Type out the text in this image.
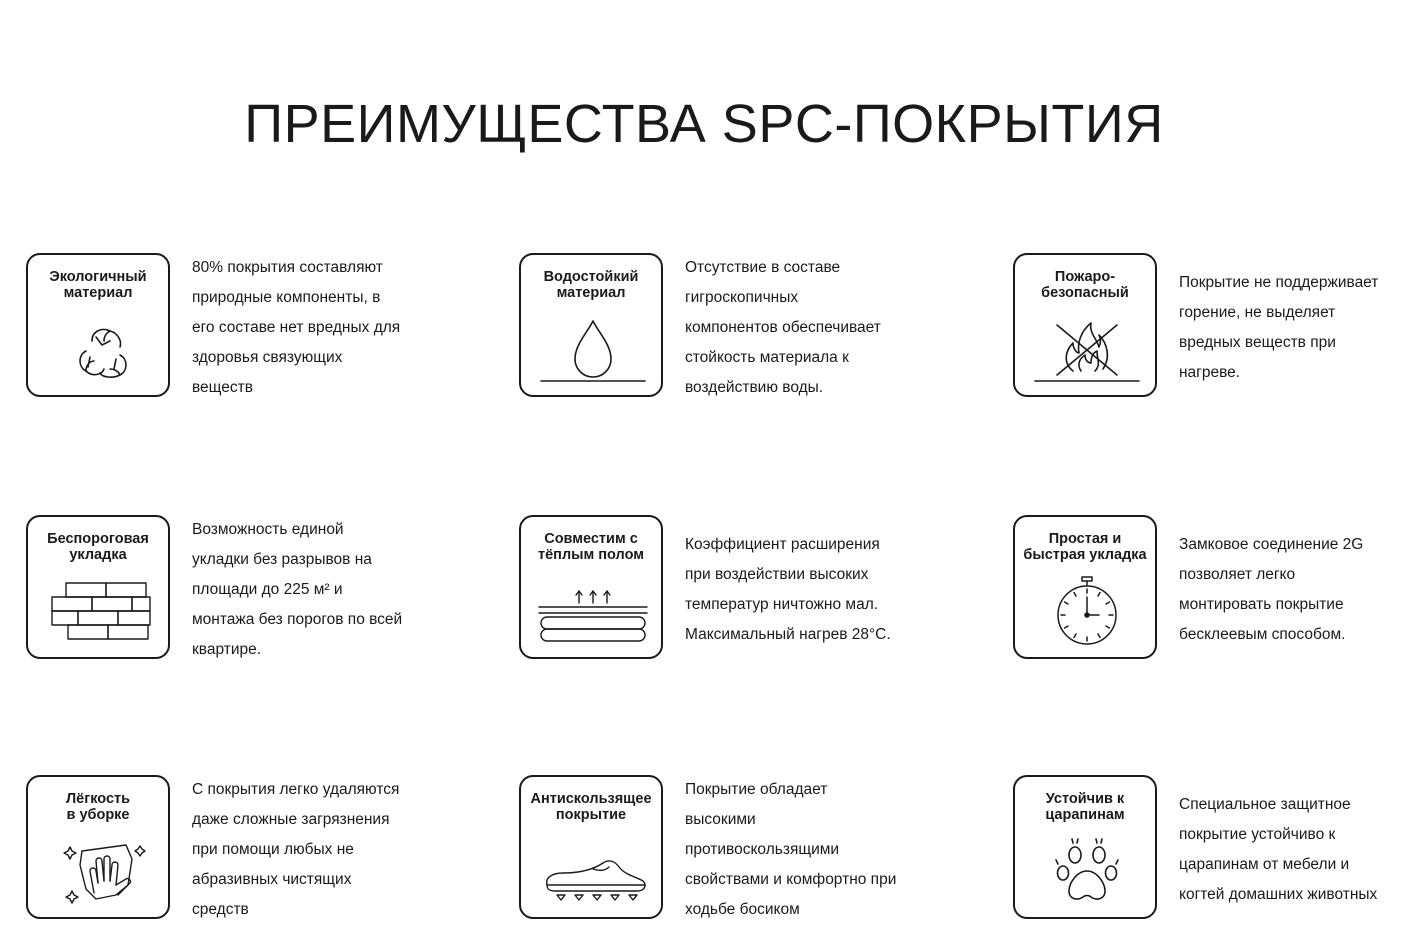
ПРЕИМУЩЕСТВА SPC-ПОКРЫТИЯ
Экологичный
материал
80% покрытия составляют
природные компоненты, в
его составе нет вредных для
здоровья связующих
веществ
Водостойкий
материал
Отсутствие в составе
гигроскопичных
компонентов обеспечивает
стойкость материала к
воздействию воды.
Пожаро-
безопасный
Покрытие не поддерживает
горение, не выделяет
вредных веществ при
нагреве.
Беспороговая
укладка
Возможность единой
укладки без разрывов на
площади до 225 м² и
монтажа без порогов по всей
квартире.
Совместим с
тёплым полом
Коэффициент расширения
при воздействии высоких
температур ничтожно мал.
Максимальный нагрев 28°С.
Простая и
быстрая укладка
Замковое соединение 2G
позволяет легко
монтировать покрытие
бесклеевым способом.
Лёгкость
в уборке
С покрытия легко удаляются
даже сложные загрязнения
при помощи любых не
абразивных чистящих
средств
Антискользящее
покрытие
Покрытие обладает
высокими
противоскользящими
свойствами и комфортно при
ходьбе босиком
Устойчив к
царапинам
Специальное защитное
покрытие устойчиво к
царапинам от мебели и
когтей домашних животных
